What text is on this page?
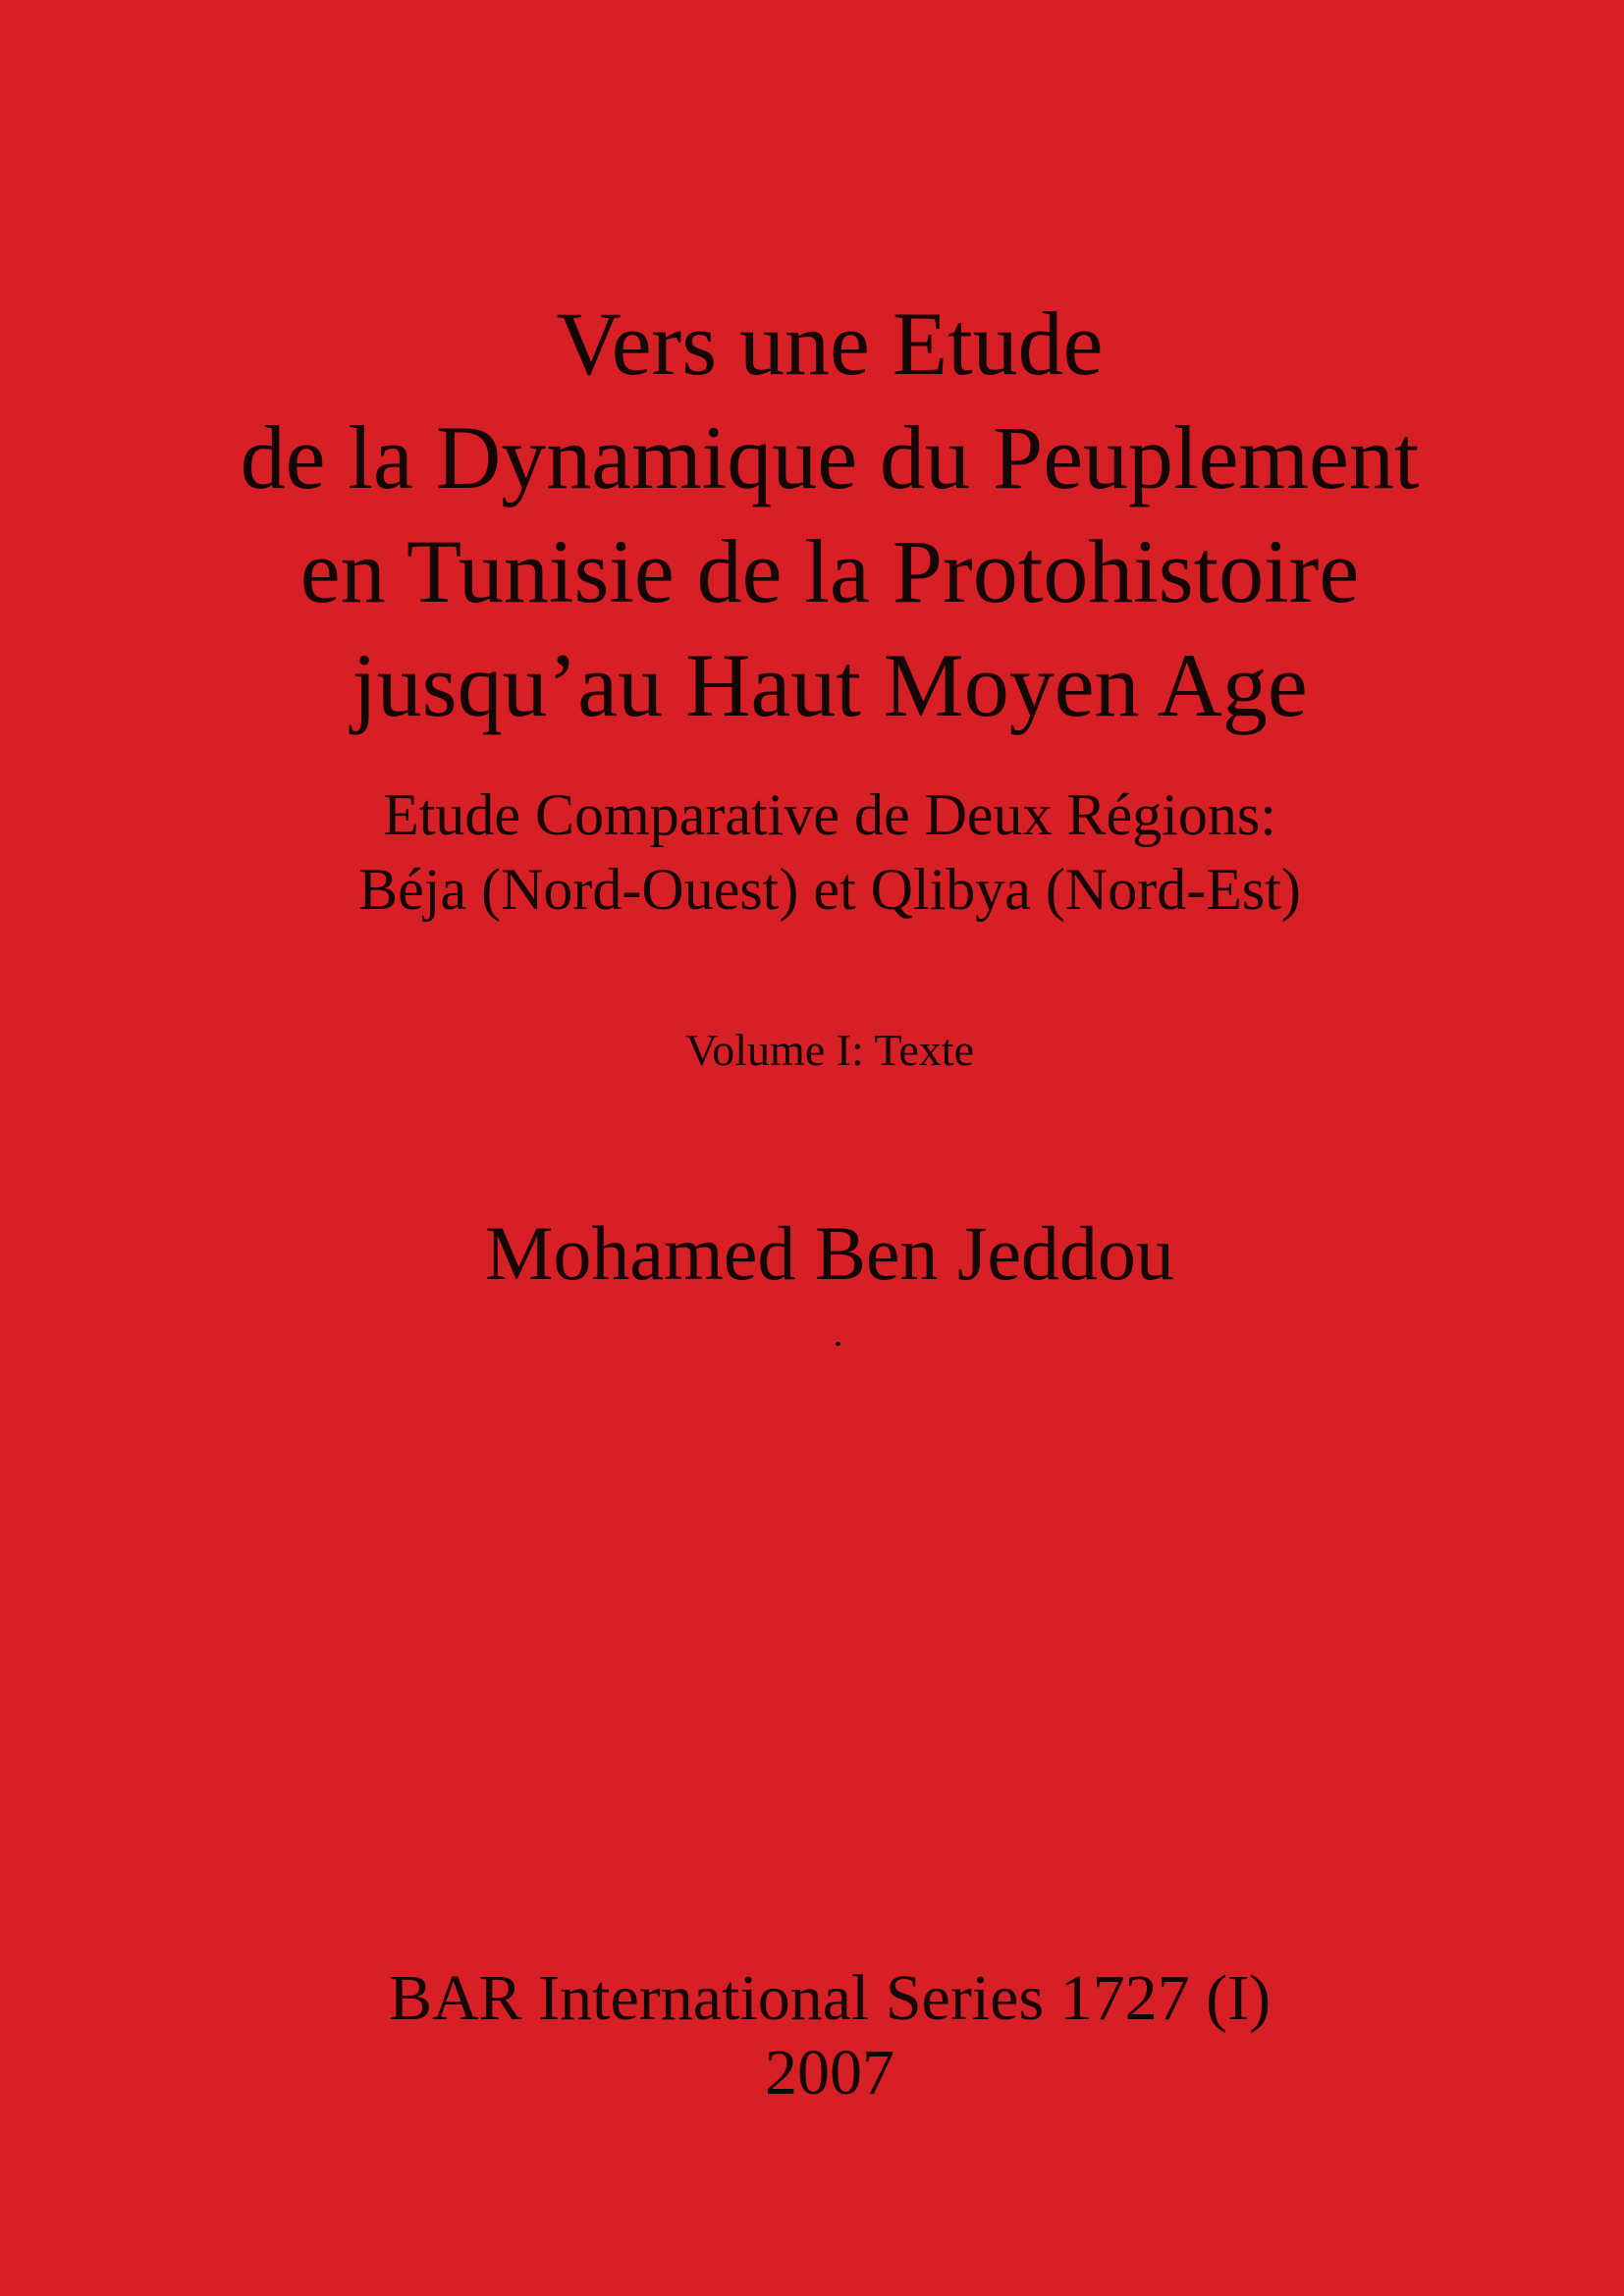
Vers une Etude
de la Dynamique du Peuplement
en Tunisie de la Protohistoire
jusqu’au Haut Moyen Age
Etude Comparative de Deux Régions:
Béja (Nord-Ouest) et Qlibya (Nord-Est)
Volume I: Texte
Mohamed Ben Jeddou
BAR International Series 1727 (I)
2007
